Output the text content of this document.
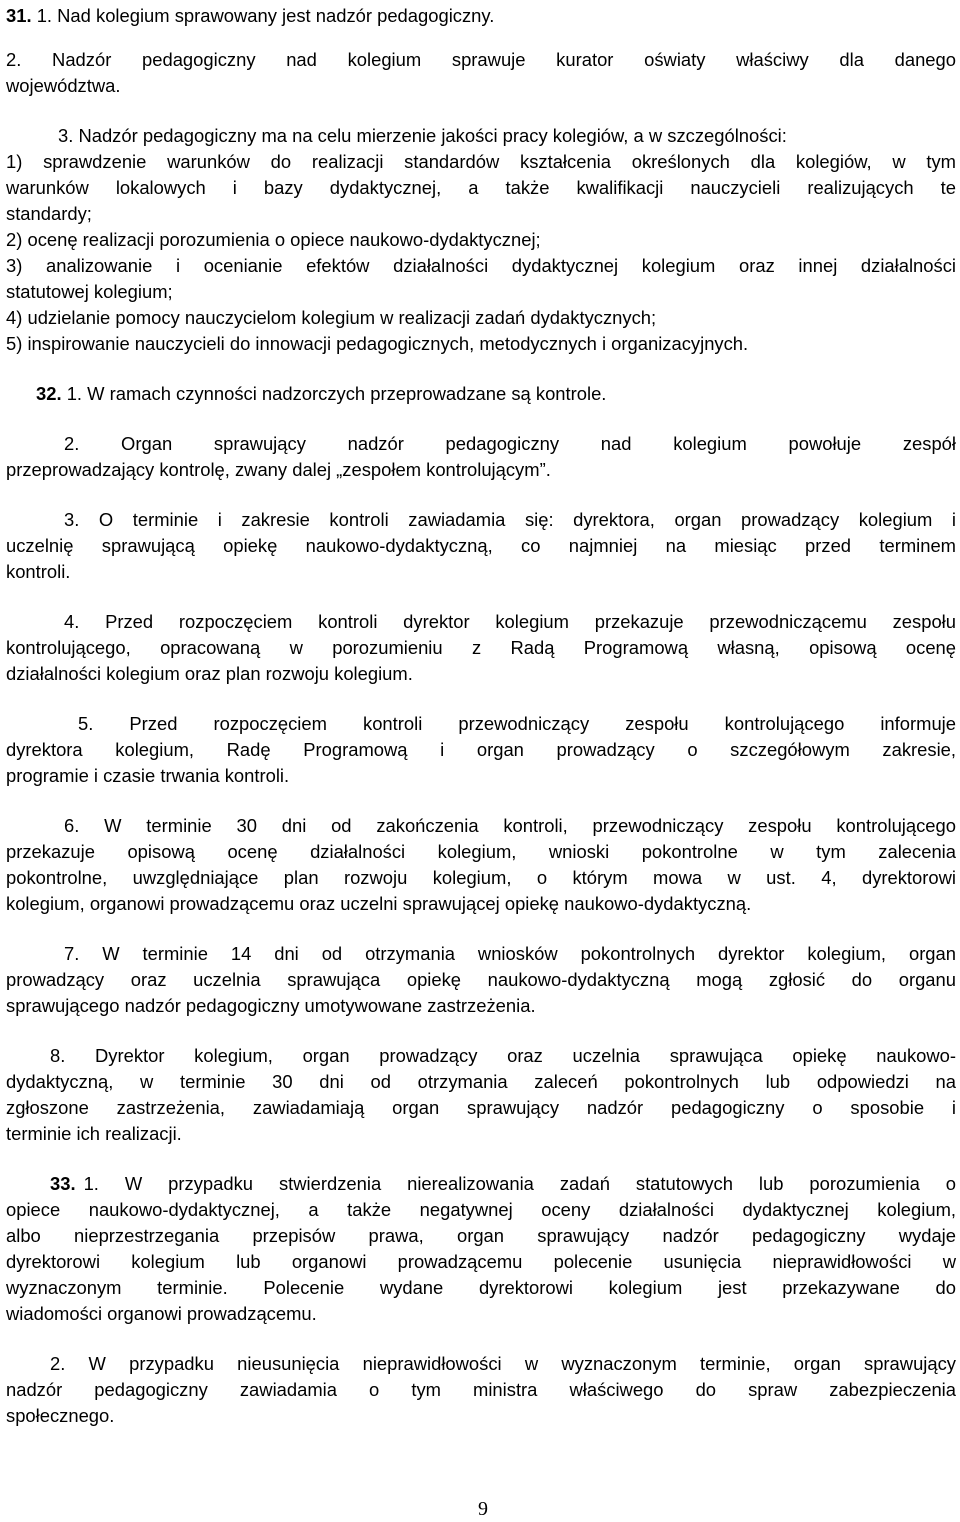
31. 1. Nad kolegium sprawowany jest nadzór pedagogiczny.
2. Nadzór pedagogiczny nad kolegium sprawuje kurator oświaty właściwy dla danego
województwa.
3. Nadzór pedagogiczny ma na celu mierzenie jakości pracy kolegiów, a w szczególności:
1) sprawdzenie warunków do realizacji standardów kształcenia określonych dla kolegiów, w tym
warunków lokalowych i bazy dydaktycznej, a także kwalifikacji nauczycieli realizujących te
standardy;
2) ocenę realizacji porozumienia o opiece naukowo-dydaktycznej;
3) analizowanie i ocenianie efektów działalności dydaktycznej kolegium oraz innej działalności
statutowej kolegium;
4) udzielanie pomocy nauczycielom kolegium w realizacji zadań dydaktycznych;
5) inspirowanie nauczycieli do innowacji pedagogicznych, metodycznych i organizacyjnych.
32. 1. W ramach czynności nadzorczych przeprowadzane są kontrole.
2. Organ sprawujący nadzór pedagogiczny nad kolegium powołuje zespół
przeprowadzający kontrolę, zwany dalej „zespołem kontrolującym”.
3. O terminie i zakresie kontroli zawiadamia się: dyrektora, organ prowadzący kolegium i
uczelnię sprawującą opiekę naukowo-dydaktyczną, co najmniej na miesiąc przed terminem
kontroli.
4. Przed rozpoczęciem kontroli dyrektor kolegium przekazuje przewodniczącemu zespołu
kontrolującego, opracowaną w porozumieniu z Radą Programową własną, opisową ocenę
działalności kolegium oraz plan rozwoju kolegium.
5. Przed rozpoczęciem kontroli przewodniczący zespołu kontrolującego informuje
dyrektora kolegium, Radę Programową i organ prowadzący o szczegółowym zakresie,
programie i czasie trwania kontroli.
6. W terminie 30 dni od zakończenia kontroli, przewodniczący zespołu kontrolującego
przekazuje opisową ocenę działalności kolegium, wnioski pokontrolne w tym zalecenia
pokontrolne, uwzględniające plan rozwoju kolegium, o którym mowa w ust. 4, dyrektorowi
kolegium, organowi prowadzącemu oraz uczelni sprawującej opiekę naukowo-dydaktyczną.
7. W terminie 14 dni od otrzymania wniosków pokontrolnych dyrektor kolegium, organ
prowadzący oraz uczelnia sprawująca opiekę naukowo-dydaktyczną mogą zgłosić do organu
sprawującego nadzór pedagogiczny umotywowane zastrzeżenia.
8. Dyrektor kolegium, organ prowadzący oraz uczelnia sprawująca opiekę naukowo-
dydaktyczną, w terminie 30 dni od otrzymania zaleceń pokontrolnych lub odpowiedzi na
zgłoszone zastrzeżenia, zawiadamiają organ sprawujący nadzór pedagogiczny o sposobie i
terminie ich realizacji.
33. 1. W przypadku stwierdzenia nierealizowania zadań statutowych lub porozumienia o
opiece naukowo-dydaktycznej, a także negatywnej oceny działalności dydaktycznej kolegium,
albo nieprzestrzegania przepisów prawa, organ sprawujący nadzór pedagogiczny wydaje
dyrektorowi kolegium lub organowi prowadzącemu polecenie usunięcia nieprawidłowości w
wyznaczonym terminie. Polecenie wydane dyrektorowi kolegium jest przekazywane do
wiadomości organowi prowadzącemu.
2. W przypadku nieusunięcia nieprawidłowości w wyznaczonym terminie, organ sprawujący
nadzór pedagogiczny zawiadamia o tym ministra właściwego do spraw zabezpieczenia
społecznego.
9
